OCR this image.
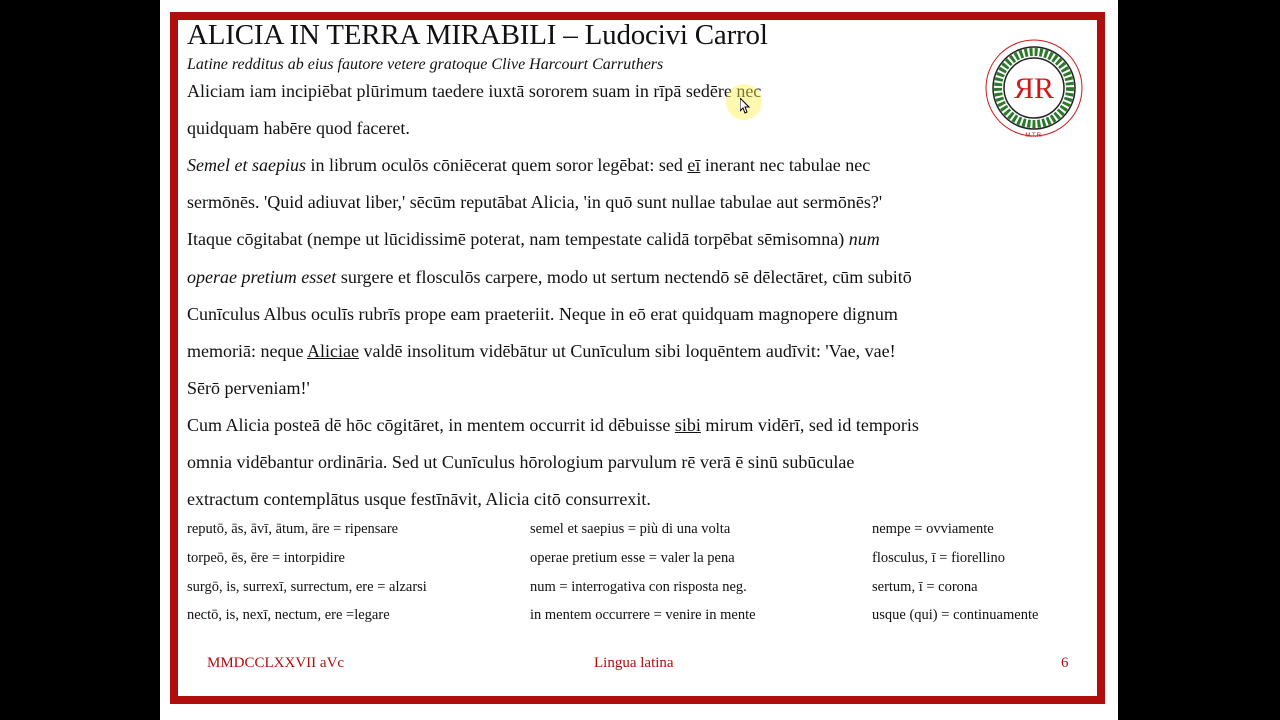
ALICIA IN TERRA MIRABILI – Ludocivi Carrol
Latine redditus ab eius fautore vetere gratoque Clive Harcourt Carruthers
ЯR
M.T.R.
Aliciam iam incipiēbat plūrimum taedere iuxtā sororem suam in rīpā sedēre nec
quidquam habēre quod faceret.
Semel et saepius in librum oculōs cōniēcerat quem soror legēbat: sed eī inerant nec tabulae nec
sermōnēs. 'Quid adiuvat liber,' sēcūm reputābat Alicia, 'in quō sunt nullae tabulae aut sermōnēs?'
Itaque cōgitabat (nempe ut lūcidissimē poterat, nam tempestate calidā torpēbat sēmisomna) num
operae pretium esset surgere et flosculōs carpere, modo ut sertum nectendō sē dēlectāret, cūm subitō
Cunīculus Albus oculīs rubrīs prope eam praeteriit. Neque in eō erat quidquam magnopere dignum
memoriā: neque Aliciae valdē insolitum vidēbātur ut Cunīculum sibi loquēntem audīvit: 'Vae, vae!
Sērō perveniam!'
Cum Alicia posteā dē hōc cōgitāret, in mentem occurrit id dēbuisse sibi mirum vidērī, sed id temporis
omnia vidēbantur ordināria. Sed ut Cunīculus hōrologium parvulum rē verā ē sinū subūculae
extractum contemplātus usque festīnāvit, Alicia citō consurrexit.
reputō, ās, āvī, ātum, āre = ripensare
torpeō, ēs, ēre = intorpidire
surgō, is, surrexī, surrectum, ere = alzarsi
nectō, is, nexī, nectum, ere =legare
semel et saepius = più di una volta
operae pretium esse = valer la pena
num = interrogativa con risposta neg.
in mentem occurrere = venire in mente
nempe = ovviamente
flosculus, ī = fiorellino
sertum, ī = corona
usque (qui) = continuamente
MMDCCLXXVII aVc	Lingua latina	6
